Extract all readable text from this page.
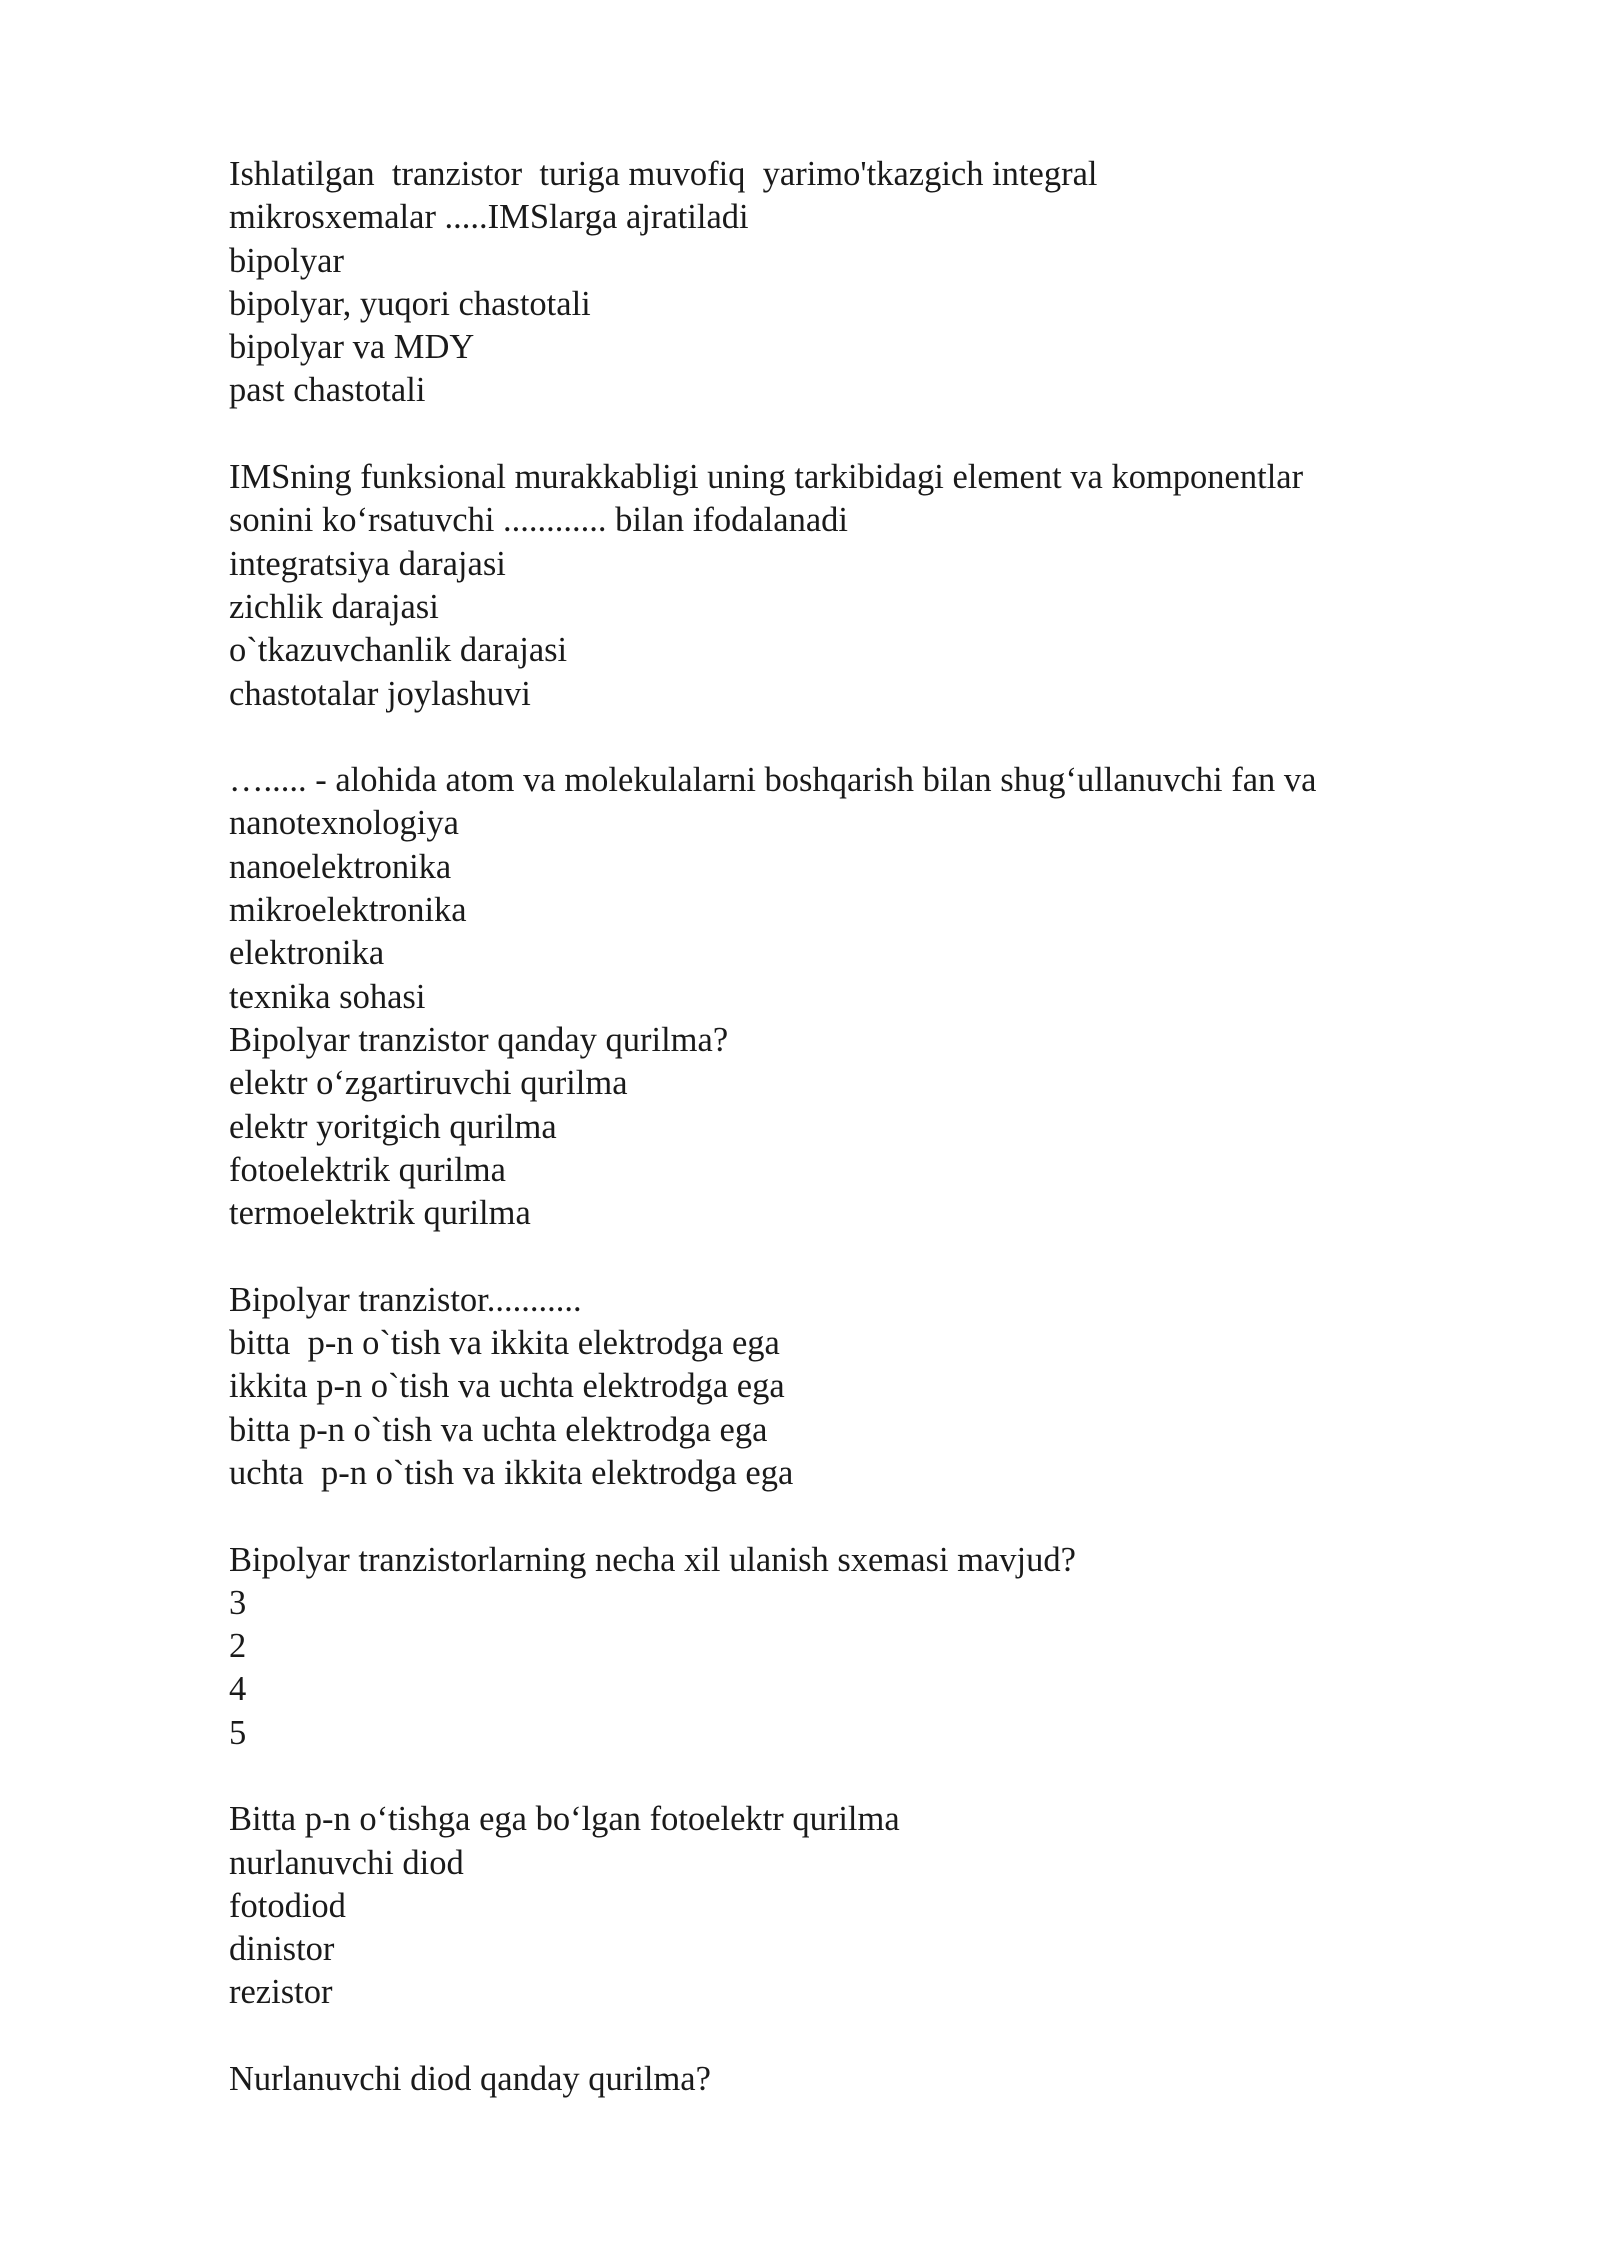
Ishlatilgan  tranzistor  turiga muvofiq  yarimo'tkazgich integral
mikrosxemalar .....IMSlarga ajratiladi
bipolyar
bipolyar, yuqori chastotali
bipolyar va MDY
past chastotali
IMSning funksional murakkabligi uning tarkibidagi element va komponentlar
sonini ko‘rsatuvchi ............ bilan ifodalanadi
integratsiya darajasi
zichlik darajasi
o`tkazuvchanlik darajasi
chastotalar joylashuvi
…..... - alohida atom va molekulalarni boshqarish bilan shug‘ullanuvchi fan va
nanotexnologiya
nanoelektronika
mikroelektronika
elektronika
texnika sohasi
Bipolyar tranzistor qanday qurilma?
elektr o‘zgartiruvchi qurilma
elektr yoritgich qurilma
fotoelektrik qurilma
termoelektrik qurilma
Bipolyar tranzistor...........
bitta  p-n o`tish va ikkita elektrodga ega
ikkita p-n o`tish va uchta elektrodga ega
bitta p-n o`tish va uchta elektrodga ega
uchta  p-n o`tish va ikkita elektrodga ega
Bipolyar tranzistorlarning necha xil ulanish sxemasi mavjud?
3
2
4
5
Bitta p-n o‘tishga ega bo‘lgan fotoelektr qurilma
nurlanuvchi diod
fotodiod
dinistor
rezistor
Nurlanuvchi diod qanday qurilma?
